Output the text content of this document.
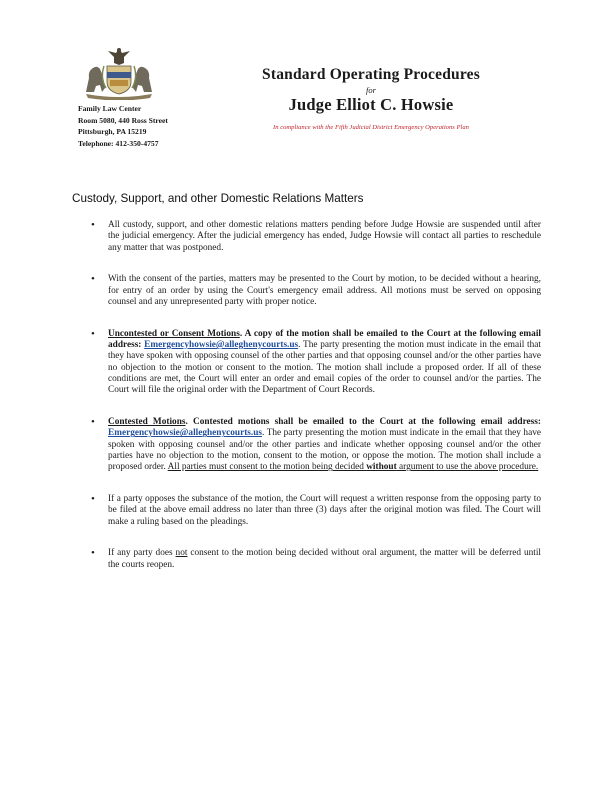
Family Law Center
Room 5080, 440 Ross Street
Pittsburgh, PA 15219
Telephone: 412-350-4757
Standard Operating Procedures
for
Judge Elliot C. Howsie
In compliance with the Fifth Judicial District Emergency Operations Plan
Custody, Support, and other Domestic Relations Matters
• All custody, support, and other domestic relations matters pending before Judge Howsie are suspended until after the judicial emergency. After the judicial emergency has ended, Judge Howsie will contact all parties to reschedule any matter that was postponed.
• With the consent of the parties, matters may be presented to the Court by motion, to be decided without a hearing, for entry of an order by using the Court's emergency email address. All motions must be served on opposing counsel and any unrepresented party with proper notice.
• Uncontested or Consent Motions. A copy of the motion shall be emailed to the Court at the following email address: Emergencyhowsie@alleghenycourts.us. The party presenting the motion must indicate in the email that they have spoken with opposing counsel of the other parties and that opposing counsel and/or the other parties have no objection to the motion or consent to the motion. The motion shall include a proposed order. If all of these conditions are met, the Court will enter an order and email copies of the order to counsel and/or the parties. The Court will file the original order with the Department of Court Records.
• Contested Motions. Contested motions shall be emailed to the Court at the following email address: Emergencyhowsie@alleghenycourts.us. The party presenting the motion must indicate in the email that they have spoken with opposing counsel and/or the other parties and indicate whether opposing counsel and/or the other parties have no objection to the motion, consent to the motion, or oppose the motion. The motion shall include a proposed order. All parties must consent to the motion being decided without argument to use the above procedure.
• If a party opposes the substance of the motion, the Court will request a written response from the opposing party to be filed at the above email address no later than three (3) days after the original motion was filed. The Court will make a ruling based on the pleadings.
• If any party does not consent to the motion being decided without oral argument, the matter will be deferred until the courts reopen.
